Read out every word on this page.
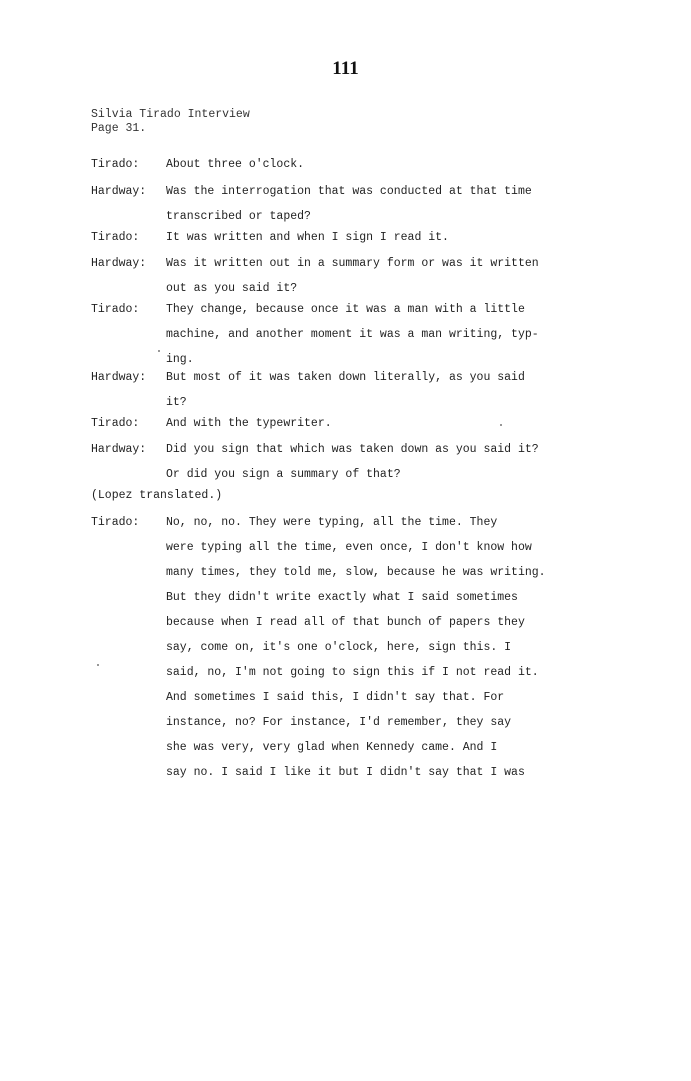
111
Silvia Tirado Interview
Page 31.
Tirado:	About three o'clock.
Hardway:	Was the interrogation that was conducted at that time
transcribed or taped?
Tirado:	It was written and when I sign I read it.
Hardway:	Was it written out in a summary form or was it written
out as you said it?
Tirado:	They change, because once it was a man with a little
machine, and another moment it was a man writing, typ-
ing.
Hardway:	But most of it was taken down literally, as you said
it?
Tirado:	And with the typewriter.
Hardway:	Did you sign that which was taken down as you said it?
Or did you sign a summary of that?
(Lopez translated.)
Tirado:	No, no, no. They were typing, all the time. They
were typing all the time, even once, I don't know how
many times, they told me, slow, because he was writing.
But they didn't write exactly what I said sometimes
because when I read all of that bunch of papers they
say, come on, it's one o'clock, here, sign this. I
said, no, I'm not going to sign this if I not read it.
And sometimes I said this, I didn't say that. For
instance, no? For instance, I'd remember, they say
she was very, very glad when Kennedy came. And I
say no. I said I like it but I didn't say that I was
